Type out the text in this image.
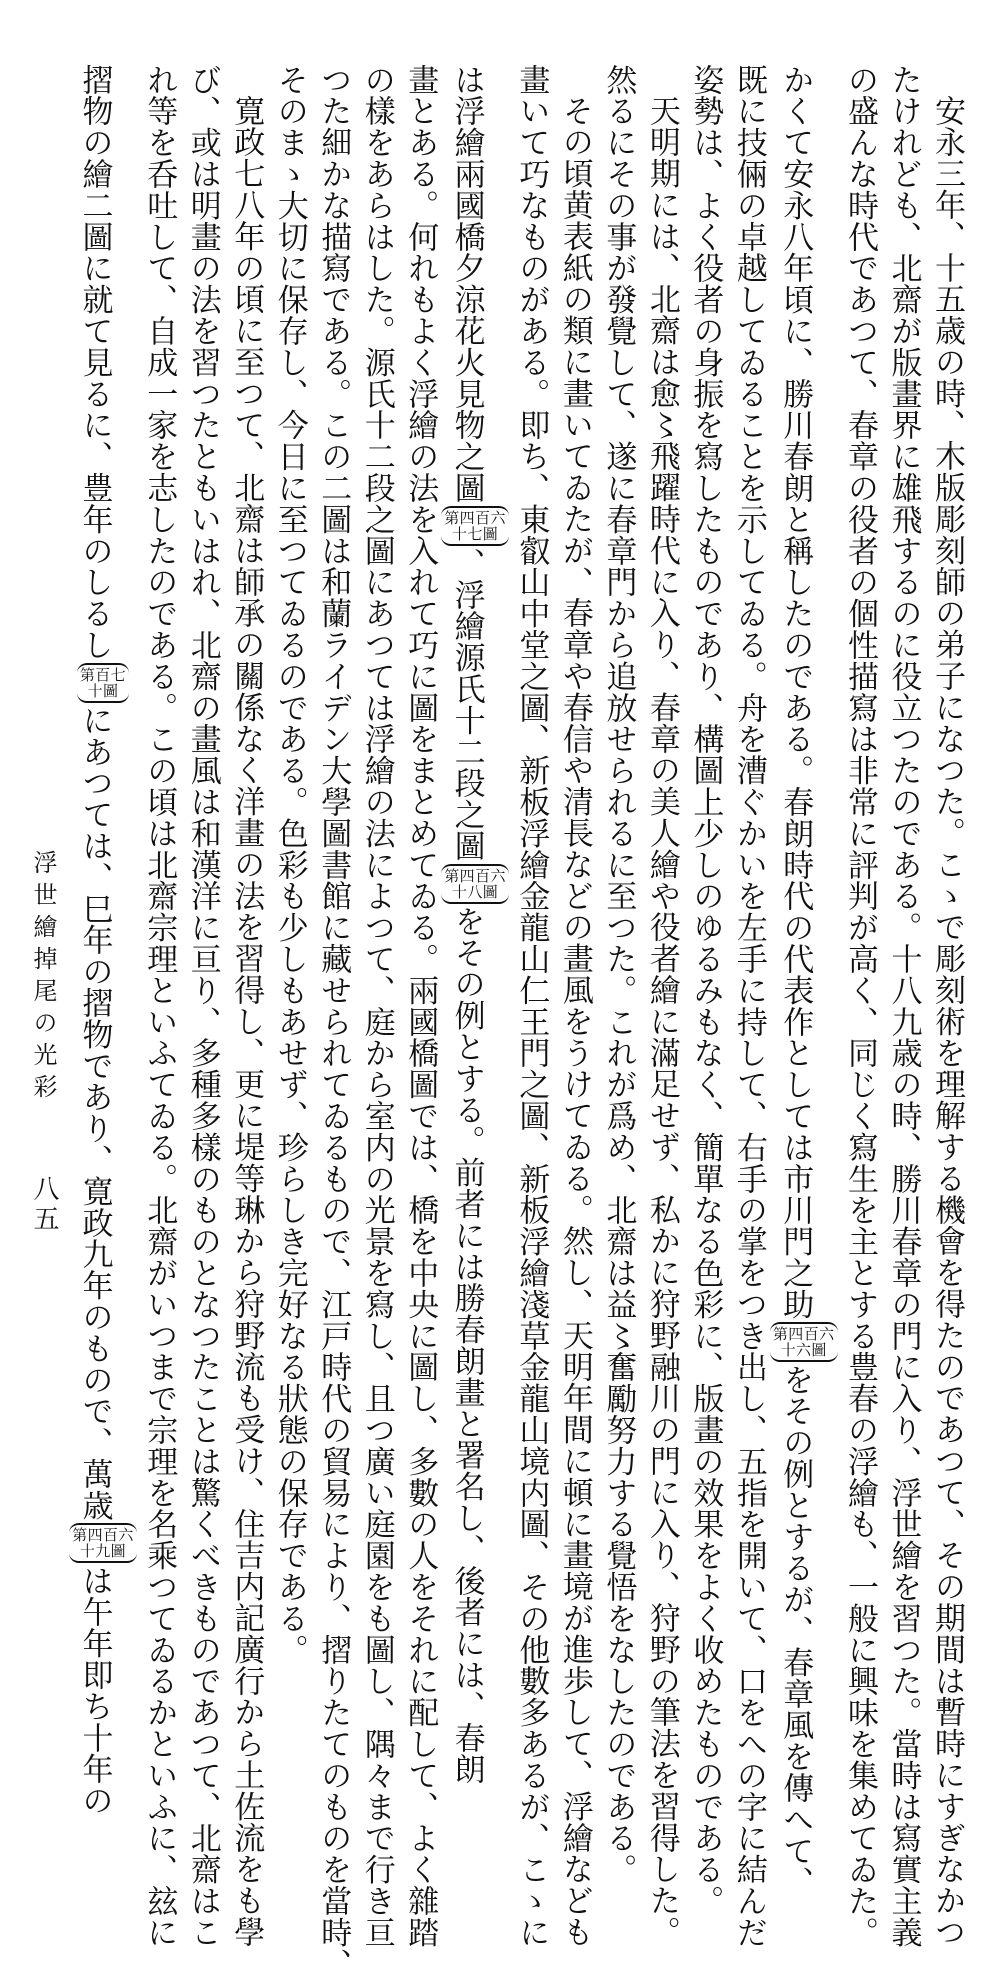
安永三年、十五歳の時、木版彫刻師の弟子になつた。こゝで彫刻術を理解する機會を得たのであつて、その期間は暫時にすぎなかつ
たけれども、北齋が版畫界に雄飛するのに役立つたのである。十八九歳の時、勝川春章の門に入り、浮世繪を習つた。當時は寫實主義
の盛んな時代であつて、春章の役者の個性描寫は非常に評判が高く、同じく寫生を主とする豊春の浮繪も、一般に興味を集めてゐた。
かくて安永八年頃に、勝川春朗と稱したのである。春朗時代の代表作としては市川門之助
第四百六
十六圖
をその例とするが、春章風を傳へて、
既に技倆の卓越してゐることを示してゐる。舟を漕ぐかいを左手に持して、右手の掌をつき出し、五指を開いて、口をへの字に結んだ
姿勢は、よく役者の身振を寫したものであり、構圖上少しのゆるみもなく、簡單なる色彩に、版畫の效果をよく收めたものである。
天明期には、北齋は愈〻飛躍時代に入り、春章の美人繪や役者繪に滿足せず、私かに狩野融川の門に入り、狩野の筆法を習得した。
然るにその事が發覺して、遂に春章門から追放せられるに至つた。これが爲め、北齋は益〻奮勵努力する覺悟をなしたのである。
その頃黄表紙の類に畫いてゐたが、春章や春信や清長などの畫風をうけてゐる。然し、天明年間に頓に畫境が進歩して、浮繪なども
畫いて巧なものがある。即ち、東叡山中堂之圖、新板浮繪金龍山仁王門之圖、新板浮繪淺草金龍山境内圖、その他數多あるが、こゝに
は浮繪兩國橋夕涼花火見物之圖
第四百六
十七圖
、浮繪源氏十二段之圖
第四百六
十八圖
をその例とする。前者には勝春朗畫と署名し、後者には、春朗
畫とある。何れもよく浮繪の法を入れて巧に圖をまとめてゐる。兩國橋圖では、橋を中央に圖し、多數の人をそれに配して、よく雜踏
の樣をあらはした。源氏十二段之圖にあつては浮繪の法によつて、庭から室内の光景を寫し、且つ廣い庭園をも圖し、隅々まで行き亘
つた細かな描寫である。この二圖は和蘭ライデン大學圖書館に藏せられてゐるもので、江戸時代の貿易により、摺りたてのものを當時、
そのまゝ大切に保存し、今日に至つてゐるのである。色彩も少しもあせず、珍らしき完好なる狀態の保存である。
寛政七八年の頃に至つて、北齋は師承の關係なく洋畫の法を習得し、更に堤等琳から狩野流も受け、住吉内記廣行から土佐流をも學
び、或は明畫の法を習つたともいはれ、北齋の畫風は和漢洋に亘り、多種多樣のものとなつたことは驚くべきものであつて、北齋はこ
れ等を呑吐して、自成一家を志したのである。この頃は北齋宗理といふてゐる。北齋がいつまで宗理を名乘つてゐるかといふに、玆に
摺物の繪二圖に就て見るに、豊年のしるし
第百七
十圖
にあつては、巳年の摺物であり、寛政九年のもので、萬歳
第四百六
十九圖
は午年即ち十年の
浮世繪掉尾の光彩
八五
